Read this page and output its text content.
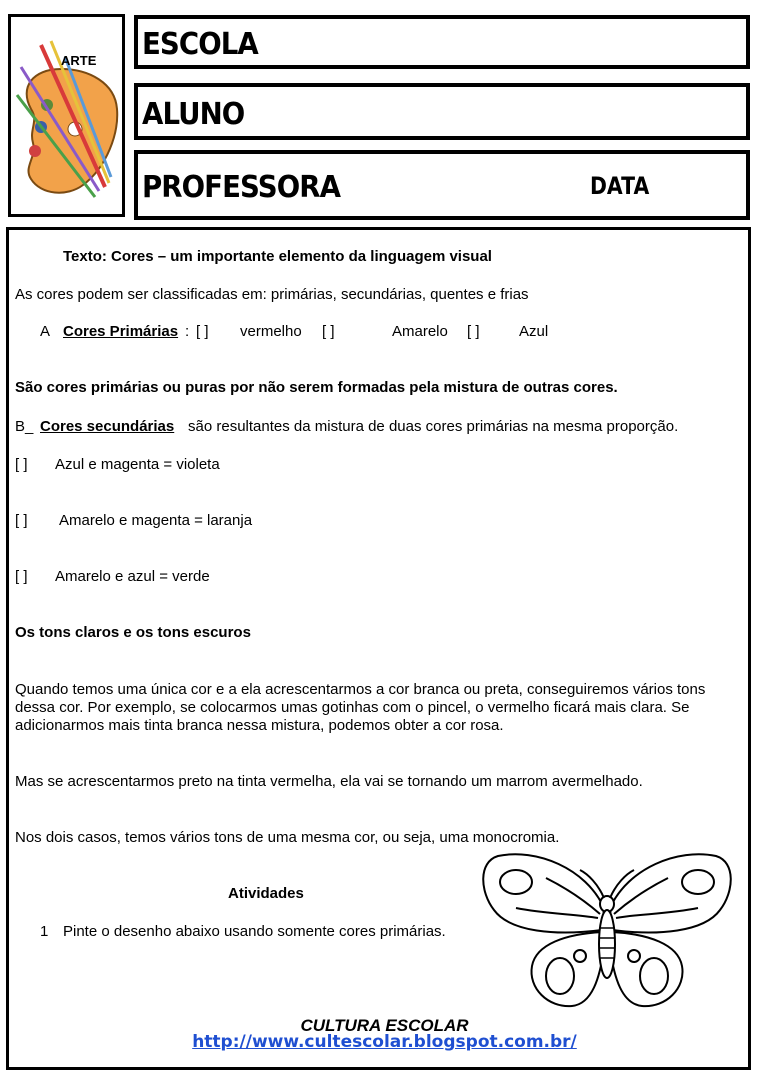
ARTE ESCOLA
ALUNO
PROFESSORA	DATA
Texto: Cores – um importante elemento da linguagem visual
As cores podem ser classificadas em: primárias, secundárias, quentes e frias
A Cores Primárias : [ ] vermelho [ ]	Amarelo [ ]	Azul
São cores primárias ou puras por não serem formadas pela mistura de outras cores.
B_ Cores secundárias são resultantes da mistura de duas cores primárias na mesma proporção.
[ ] Azul e magenta = violeta
[ ] Amarelo e magenta = laranja
[ ] Amarelo e azul = verde
Os tons claros e os tons escuros
Quando temos uma única cor e a ela acrescentarmos a cor branca ou preta, conseguiremos vários tons dessa cor. Por exemplo, se colocarmos umas gotinhas com o pincel, o vermelho ficará mais clara. Se adicionarmos mais tinta branca nessa mistura, podemos obter a cor rosa.
Mas se acrescentarmos preto na tinta vermelha, ela vai se tornando um marrom avermelhado.
Nos dois casos, temos vários tons de uma mesma cor, ou seja, uma monocromia.
Atividades
1 Pinte o desenho abaixo usando somente cores primárias.
CULTURA ESCOLAR
http://www.cultescolar.blogspot.com.br/
